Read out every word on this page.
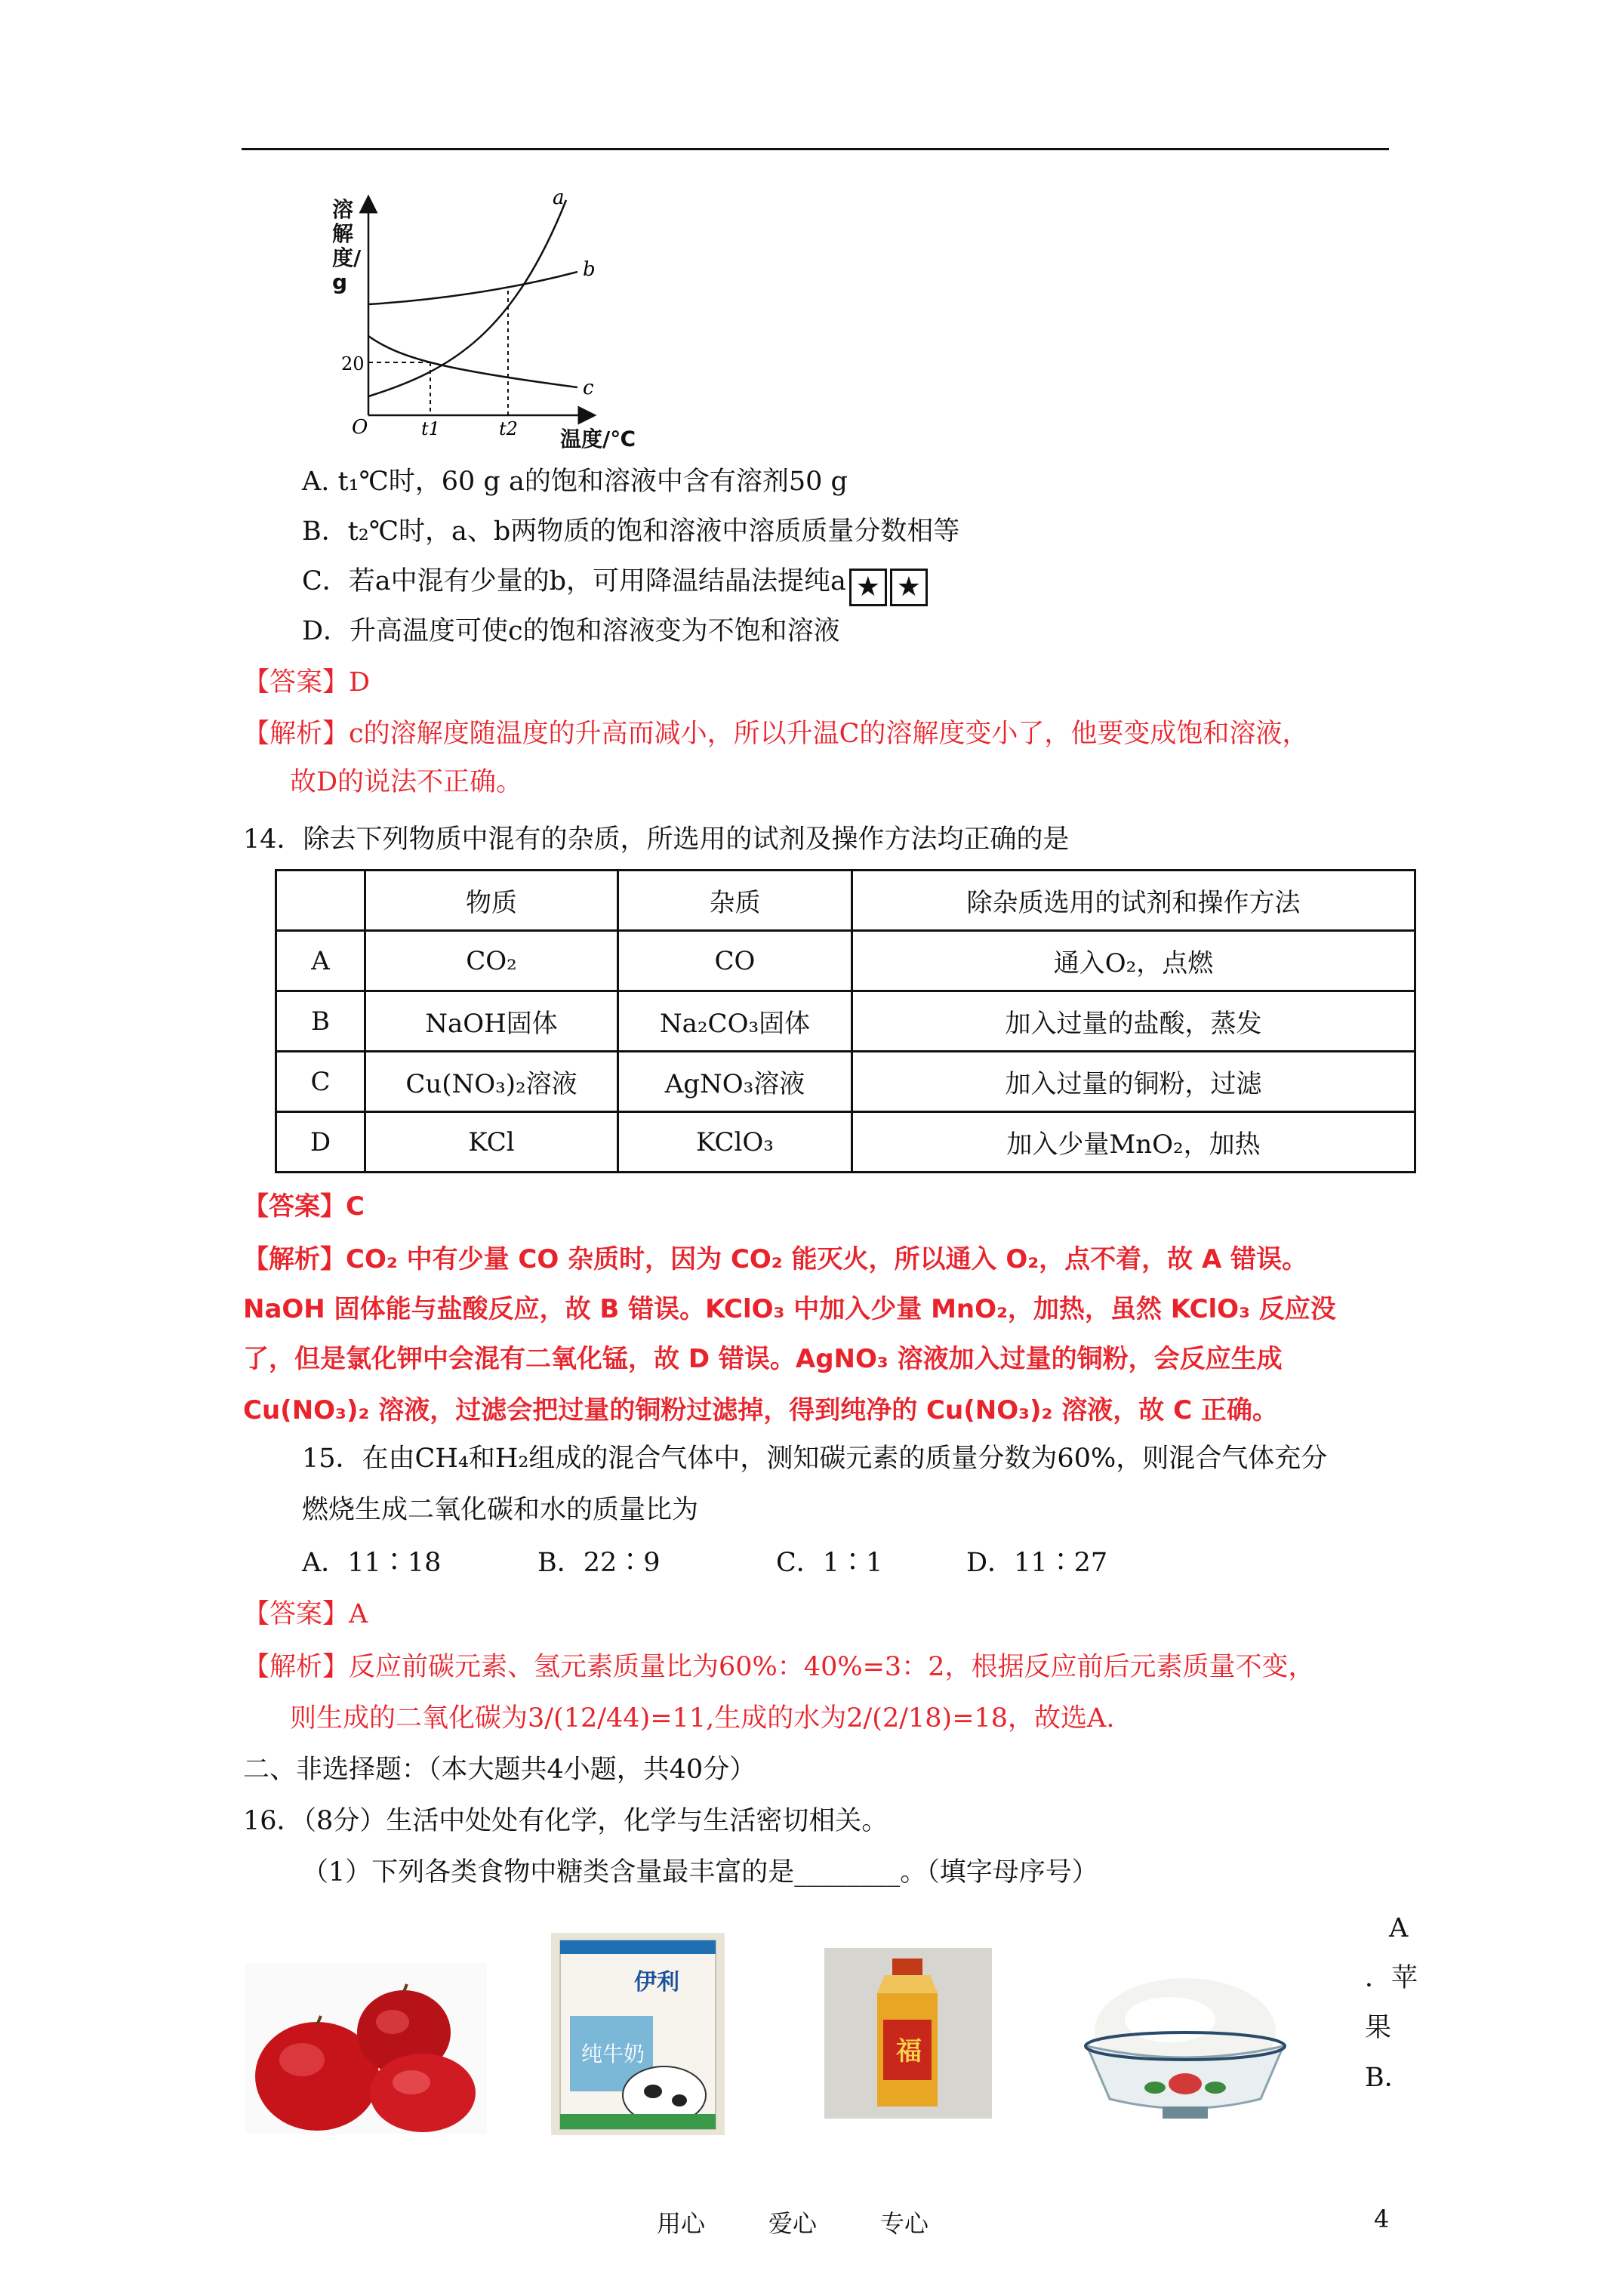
a
b
c
20
O	t1	t2
溶解度/g
温度/℃
A. t₁℃时，60 g a的饱和溶液中含有溶剂50 g
B．t₂℃时，a、b两物质的饱和溶液中溶质质量分数相等
C．若a中混有少量的b，可用降温结晶法提纯a ★ ★
D．升高温度可使c的饱和溶液变为不饱和溶液
【答案】D
【解析】c的溶解度随温度的升高而减小，所以升温C的溶解度变小了，他要变成饱和溶液，
故D的说法不正确。
14．除去下列物质中混有的杂质，所选用的试剂及操作方法均正确的是
	物质	杂质	除杂质选用的试剂和操作方法
A	CO₂	CO	通入O₂，点燃
B	NaOH固体	Na₂CO₃固体	加入过量的盐酸，蒸发
C	Cu(NO₃)₂溶液	AgNO₃溶液	加入过量的铜粉，过滤
D	KCl	KClO₃	加入少量MnO₂，加热
【答案】C
【解析】CO₂ 中有少量 CO 杂质时，因为 CO₂ 能灭火，所以通入 O₂，点不着，故 A 错误。
NaOH 固体能与盐酸反应，故 B 错误。KClO₃ 中加入少量 MnO₂，加热，虽然 KClO₃ 反应没
了，但是氯化钾中会混有二氧化锰，故 D 错误。AgNO₃ 溶液加入过量的铜粉，会反应生成
Cu(NO₃)₂ 溶液，过滤会把过量的铜粉过滤掉，得到纯净的 Cu(NO₃)₂ 溶液，故 C 正确。
15．在由CH₄和H₂组成的混合气体中，测知碳元素的质量分数为60%，则混合气体充分
燃烧生成二氧化碳和水的质量比为
A．11∶18	B．22∶9	C．1∶1	D．11∶27
【答案】A
【解析】反应前碳元素、氢元素质量比为60%：40%=3：2，根据反应前后元素质量不变，
则生成的二氧化碳为3/(12/44)=11,生成的水为2/(2/18)=18，故选A.
二、非选择题：（本大题共4小题，共40分）
16．（8分）生活中处处有化学，化学与生活密切相关。
（1）下列各类食物中糖类含量最丰富的是________。（填字母序号）
伊利
纯牛奶	福
A
．苹
果
B．
用心	爱心	专心	4
